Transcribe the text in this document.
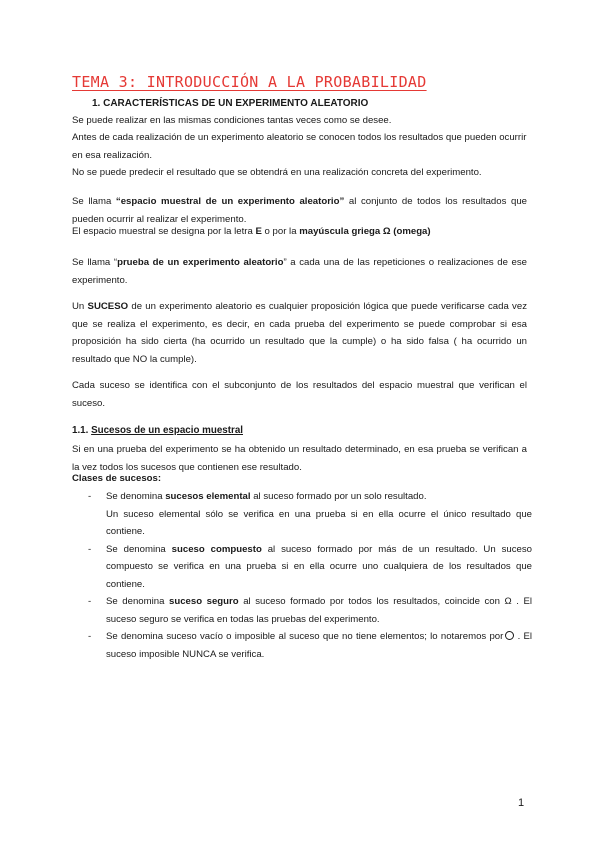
TEMA 3: INTRODUCCIÓN A LA PROBABILIDAD
1. CARACTERÍSTICAS DE UN EXPERIMENTO ALEATORIO

Se puede realizar en las mismas condiciones tantas veces como se desee.

Antes de cada realización de un experimento aleatorio se conocen todos los resultados que pueden ocurrir en esa realización.

No se puede predecir el resultado que se obtendrá en una realización concreta del experimento.

Se llama “espacio muestral de un experimento aleatorio” al conjunto de todos los resultados que pueden ocurrir al realizar el experimento.

El espacio muestral se designa por la letra E o por la mayúscula griega Ω (omega)

Se llama “prueba de un experimento aleatorio” a cada una de las repeticiones o realizaciones de ese experimento.

Un SUCESO de un experimento aleatorio es cualquier proposición lógica que puede verificarse cada vez que se realiza el experimento, es decir, en cada prueba del experimento se puede comprobar si esa proposición ha sido cierta (ha ocurrido un resultado que la cumple) o ha sido falsa ( ha ocurrido un resultado que NO la cumple).

Cada suceso se identifica con el subconjunto de los resultados del espacio muestral que verifican el suceso.

1.1. Sucesos de un espacio muestral

Si en una prueba del experimento se ha obtenido un resultado determinado, en esa prueba se verifican a la vez todos los sucesos que contienen ese resultado.

Clases de sucesos:

- Se denomina sucesos elemental al suceso formado por un solo resultado.
Un suceso elemental sólo se verifica en una prueba si en ella ocurre el único resultado que contiene.
- Se denomina suceso compuesto al suceso formado por más de un resultado. Un suceso compuesto se verifica en una prueba si en ella ocurre uno cualquiera de los resultados que contiene.
- Se denomina suceso seguro al suceso formado por todos los resultados, coincide con Ω . El suceso seguro se verifica en todas las pruebas del experimento.
- Se denomina suceso vacío o imposible al suceso que no tiene elementos; lo notaremos por . El suceso imposible NUNCA se verifica.
1
